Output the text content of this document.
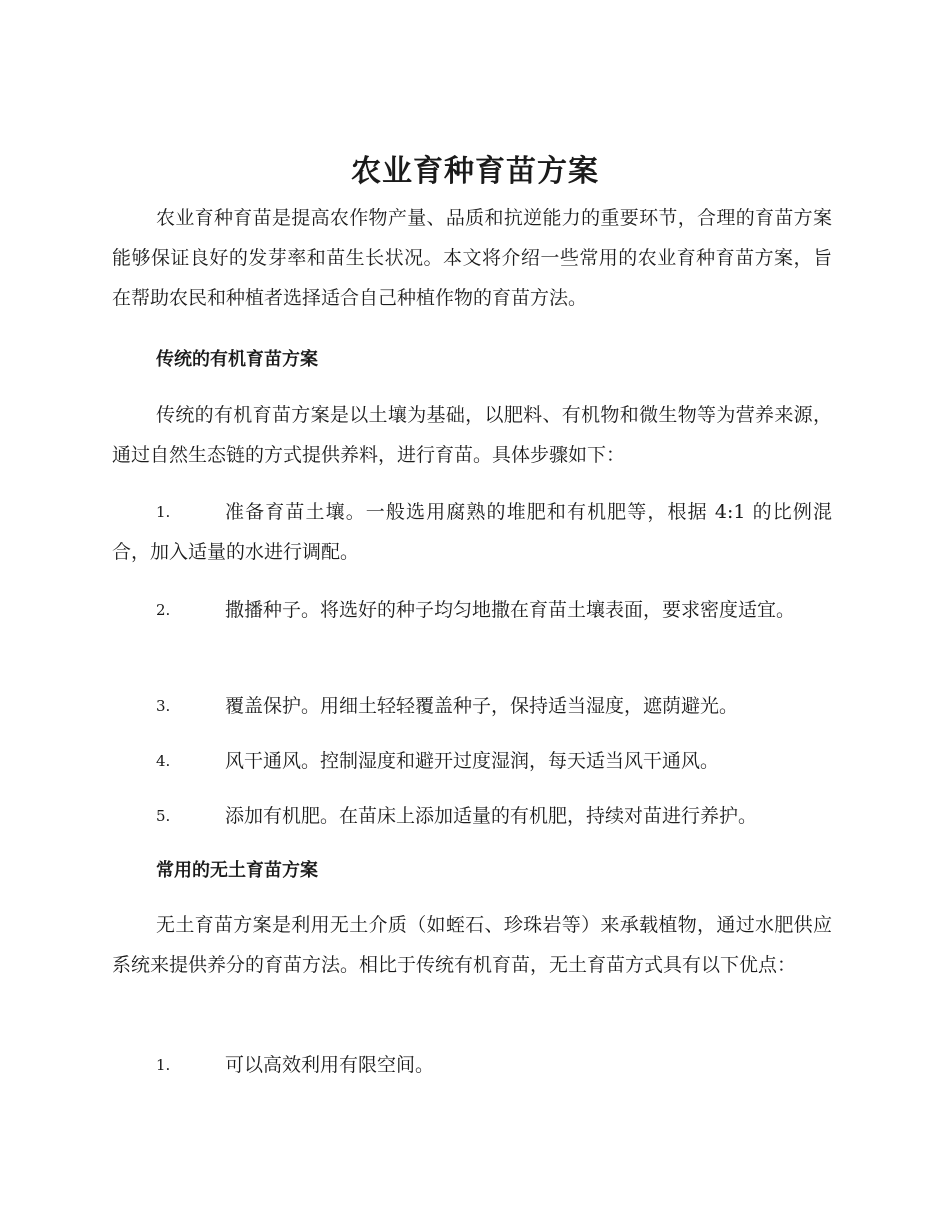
农业育种育苗方案

农业育种育苗是提高农作物产量、品质和抗逆能力的重要环节，合理的育苗方案能够保证良好的发芽率和苗生长状况。本文将介绍一些常用的农业育种育苗方案，旨在帮助农民和种植者选择适合自己种植作物的育苗方法。

传统的有机育苗方案

传统的有机育苗方案是以土壤为基础，以肥料、有机物和微生物等为营养来源，通过自然生态链的方式提供养料，进行育苗。具体步骤如下：

1.	准备育苗土壤。一般选用腐熟的堆肥和有机肥等，根据 4:1 的比例混合，加入适量的水进行调配。
2.	撒播种子。将选好的种子均匀地撒在育苗土壤表面，要求密度适宜。
3.	覆盖保护。用细土轻轻覆盖种子，保持适当湿度，遮荫避光。
4.	风干通风。控制湿度和避开过度湿润，每天适当风干通风。
5.	添加有机肥。在苗床上添加适量的有机肥，持续对苗进行养护。
常用的无土育苗方案

无土育苗方案是利用无土介质（如蛭石、珍珠岩等）来承载植物，通过水肥供应系统来提供养分的育苗方法。相比于传统有机育苗，无土育苗方式具有以下优点：

1.	可以高效利用有限空间。
